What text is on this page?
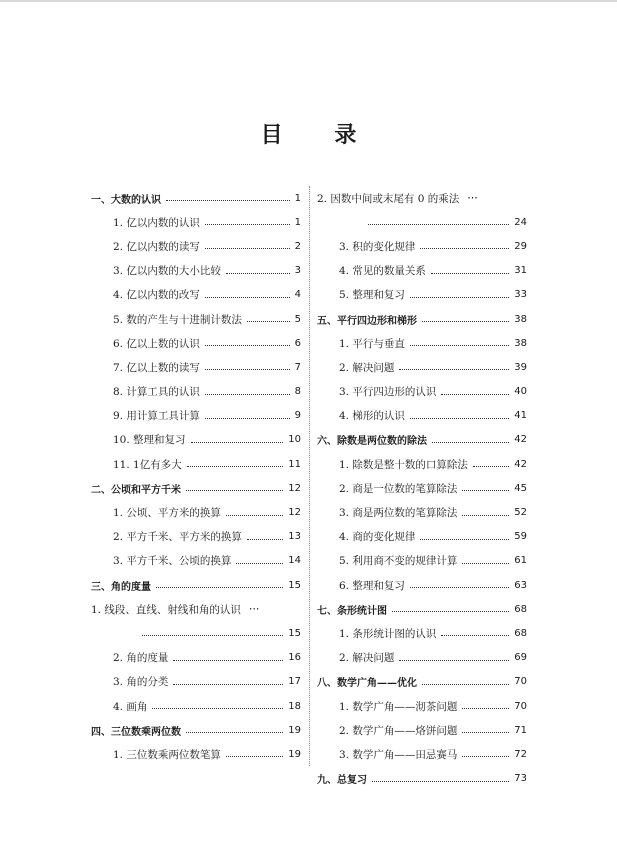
目 录
一、大数的认识	1
1. 亿以内数的认识	1
2. 亿以内数的读写	2
3. 亿以内数的大小比较	3
4. 亿以内数的改写	4
5. 数的产生与十进制计数法	5
6. 亿以上数的认识	6
7. 亿以上数的读写	7
8. 计算工具的认识	8
9. 用计算工具计算	9
10. 整理和复习	10
11. 1亿有多大	11
二、公顷和平方千米	12
1. 公顷、平方米的换算	12
2. 平方千米、平方米的换算	13
3. 平方千米、公顷的换算	14
三、角的度量	15
1. 线段、直线、射线和角的认识 ⋯
15
2. 角的度量	16
3. 角的分类	17
4. 画角	18
四、三位数乘两位数	19
1. 三位数乘两位数笔算	19
2. 因数中间或末尾有 0 的乘法 ⋯
24
3. 积的变化规律	29
4. 常见的数量关系	31
5. 整理和复习	33
五、平行四边形和梯形	38
1. 平行与垂直	38
2. 解决问题	39
3. 平行四边形的认识	40
4. 梯形的认识	41
六、除数是两位数的除法	42
1. 除数是整十数的口算除法	42
2. 商是一位数的笔算除法	45
3. 商是两位数的笔算除法	52
4. 商的变化规律	59
5. 利用商不变的规律计算	61
6. 整理和复习	63
七、条形统计图	68
1. 条形统计图的认识	68
2. 解决问题	69
八、数学广角——优化	70
1. 数学广角——沏茶问题	70
2. 数学广角——烙饼问题	71
3. 数学广角——田忌赛马	72
九、总复习	73
